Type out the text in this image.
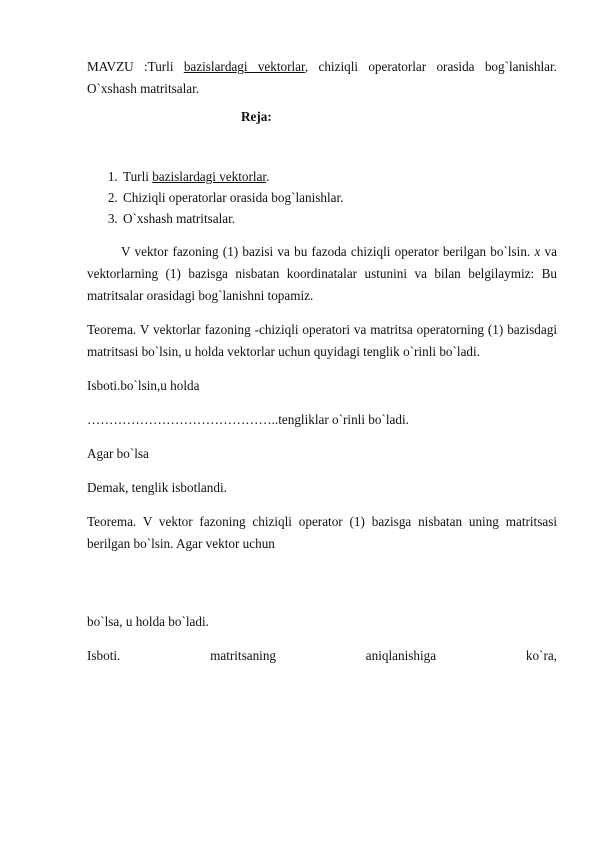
MAVZU :Turli bazislardagi vektorlar, chiziqli operatorlar orasida bog`lanishlar. O`xshash matritsalar.

Reja:

1. Turli bazislardagi vektorlar.
2. Chiziqli operatorlar orasida bog`lanishlar.
3. O`xshash matritsalar.

V vektor fazoning (1) bazisi va bu fazoda chiziqli operator berilgan bo`lsin. x va vektorlarning (1) bazisga nisbatan koordinatalar ustunini va bilan belgilaymiz: Bu matritsalar orasidagi bog`lanishni topamiz.

Teorema. V vektorlar fazoning -chiziqli operatori va matritsa operatorning (1) bazisdagi matritsasi bo`lsin, u holda vektorlar uchun quyidagi tenglik o`rinli bo`ladi.

Isboti.bo`lsin,u holda

……………………………………..tengliklar o`rinli bo`ladi.

Agar bo`lsa

Demak, tenglik isbotlandi.

Teorema. V vektor fazoning chiziqli operator (1) bazisga nisbatan uning matritsasi berilgan bo`lsin. Agar vektor uchun

bo`lsa, u holda bo`ladi.

Isboti.	matritsaning	aniqlanishiga	ko`ra,
